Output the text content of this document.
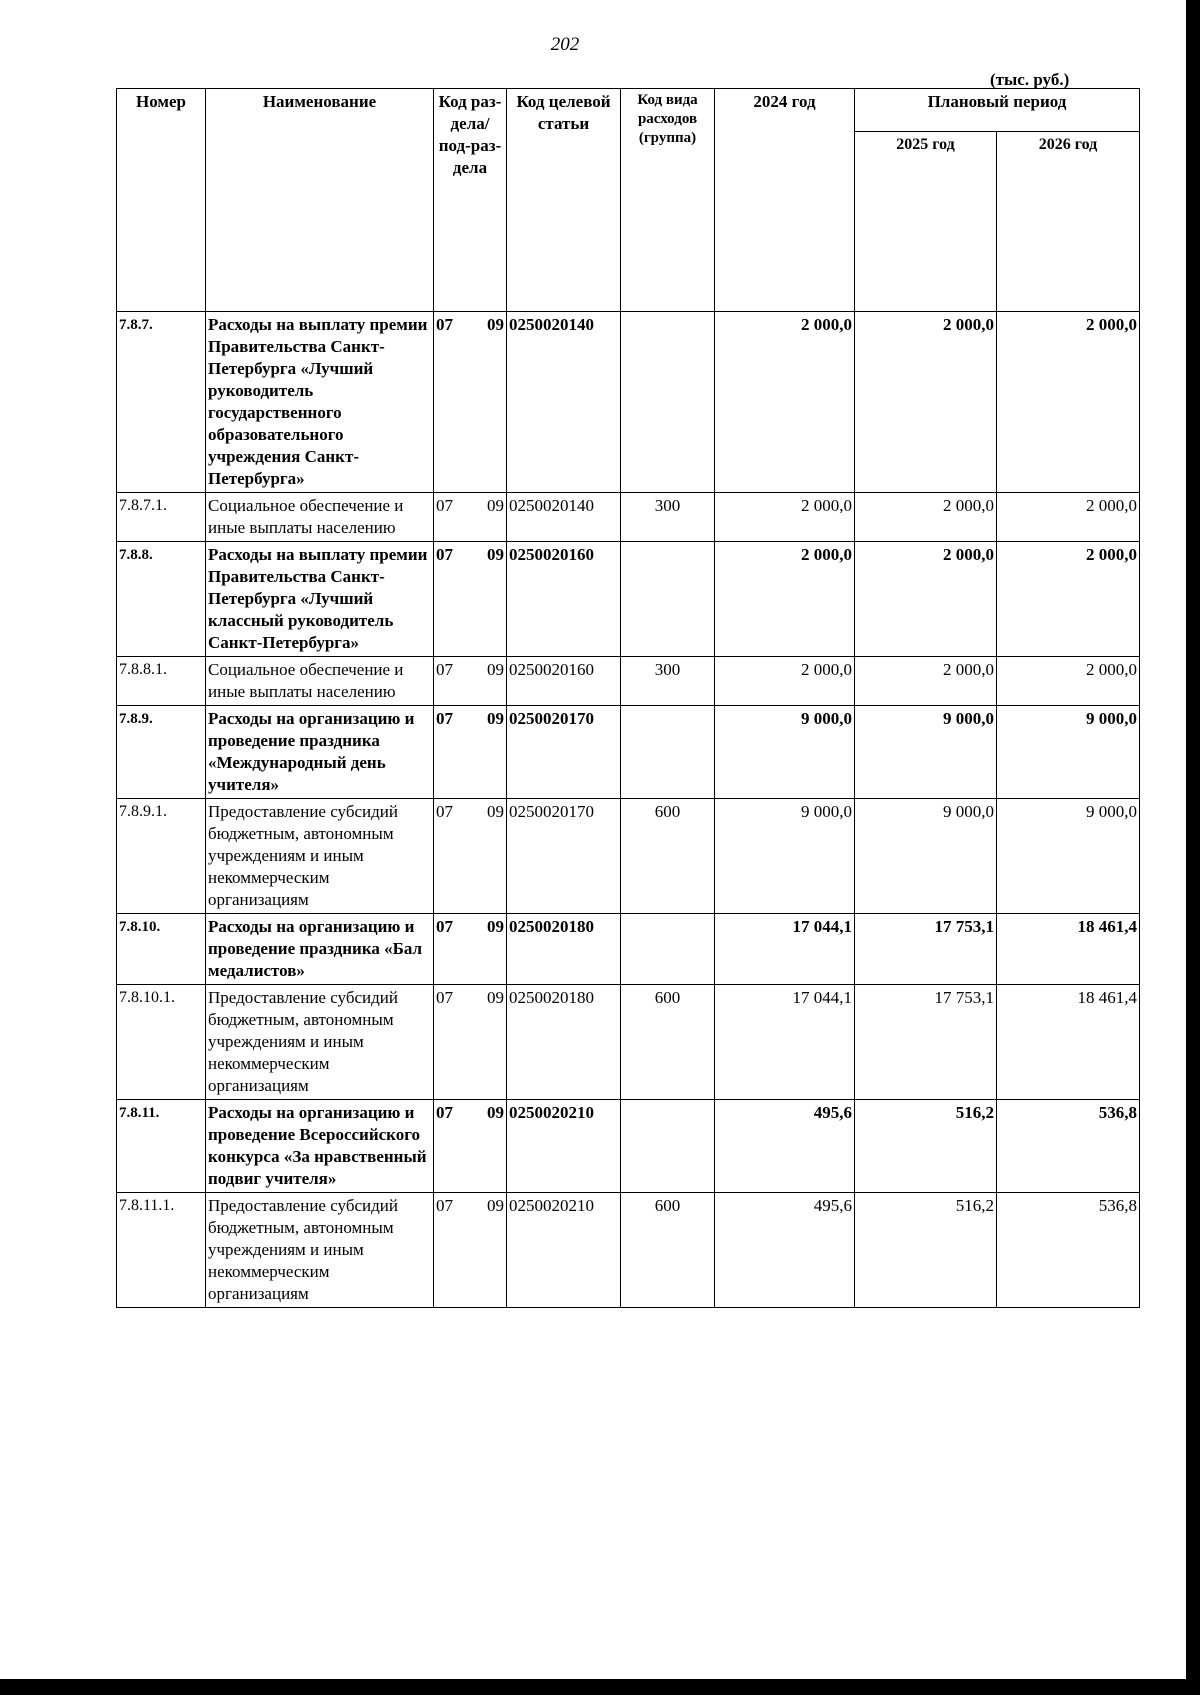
202
(тыс. руб.)
Номер	Наименование	Код раз-дела/ под-раз-дела	Код целевой статьи	Код вида расходов (группа)	2024 год	Плановый период	
						2025 год	2026 год
7.8.7.	Расходы на выплату премии Правительства Санкт-Петербурга «Лучший руководитель государственного образовательного учреждения Санкт-Петербурга»	07 09	0250020140		2 000,0	2 000,0	2 000,0
7.8.7.1.	Социальное обеспечение и иные выплаты населению	07 09	0250020140	300	2 000,0	2 000,0	2 000,0
7.8.8.	Расходы на выплату премии Правительства Санкт-Петербурга «Лучший классный руководитель Санкт-Петербурга»	07 09	0250020160		2 000,0	2 000,0	2 000,0
7.8.8.1.	Социальное обеспечение и иные выплаты населению	07 09	0250020160	300	2 000,0	2 000,0	2 000,0
7.8.9.	Расходы на организацию и проведение праздника «Международный день учителя»	07 09	0250020170		9 000,0	9 000,0	9 000,0
7.8.9.1.	Предоставление субсидий бюджетным, автономным учреждениям и иным некоммерческим организациям	07 09	0250020170	600	9 000,0	9 000,0	9 000,0
7.8.10.	Расходы на организацию и проведение праздника «Бал медалистов»	07 09	0250020180		17 044,1	17 753,1	18 461,4
7.8.10.1.	Предоставление субсидий бюджетным, автономным учреждениям и иным некоммерческим организациям	07 09	0250020180	600	17 044,1	17 753,1	18 461,4
7.8.11.	Расходы на организацию и проведение Всероссийского конкурса «За нравственный подвиг учителя»	07 09	0250020210		495,6	516,2	536,8
7.8.11.1.	Предоставление субсидий бюджетным, автономным учреждениям и иным некоммерческим организациям	07 09	0250020210	600	495,6	516,2	536,8
